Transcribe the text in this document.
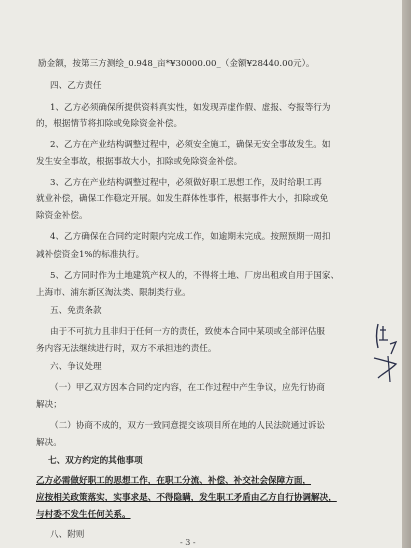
励金额，按第三方测绘_0.948_亩*¥30000.00_（金额¥28440.00元）。
四、乙方责任
1、乙方必须确保所提供资料真实性，如发现弄虚作假、虚报、夸报等行为
的，根据情节将扣除或免除资金补偿。
2、乙方在产业结构调整过程中，必须安全施工，确保无安全事故发生。如
发生安全事故，根据事故大小，扣除或免除资金补偿。
3、乙方在产业结构调整过程中，必须做好职工思想工作，及时给职工再
就业补偿，确保工作稳定开展。如发生群体性事件，根据事件大小，扣除或免
除资金补偿。
4、乙方确保在合同约定时限内完成工作，如逾期未完成。按照预期一周扣
减补偿资金1%的标准执行。
5、乙方同时作为土地建筑产权人的，不得将土地、厂房出租或自用于国家、
上海市、浦东新区淘汰类、限制类行业。
五、免责条款
由于不可抗力且非归于任何一方的责任，致使本合同中某项或全部评估服
务内容无法继续进行时，双方不承担违约责任。
六、争议处理
（一）甲乙双方因本合同约定内容，在工作过程中产生争议，应先行协商
解决；
（二）协商不成的，双方一致同意提交该项目所在地的人民法院通过诉讼
解决。
七、双方约定的其他事项
乙方必需做好职工的思想工作，在职工分流、补偿、补交社会保障方面，
应按相关政策落实，实事求是、不得隐瞒，发生职工矛盾由乙方自行协调解决，
与村委不发生任何关系。
八、附则
- 3 -
